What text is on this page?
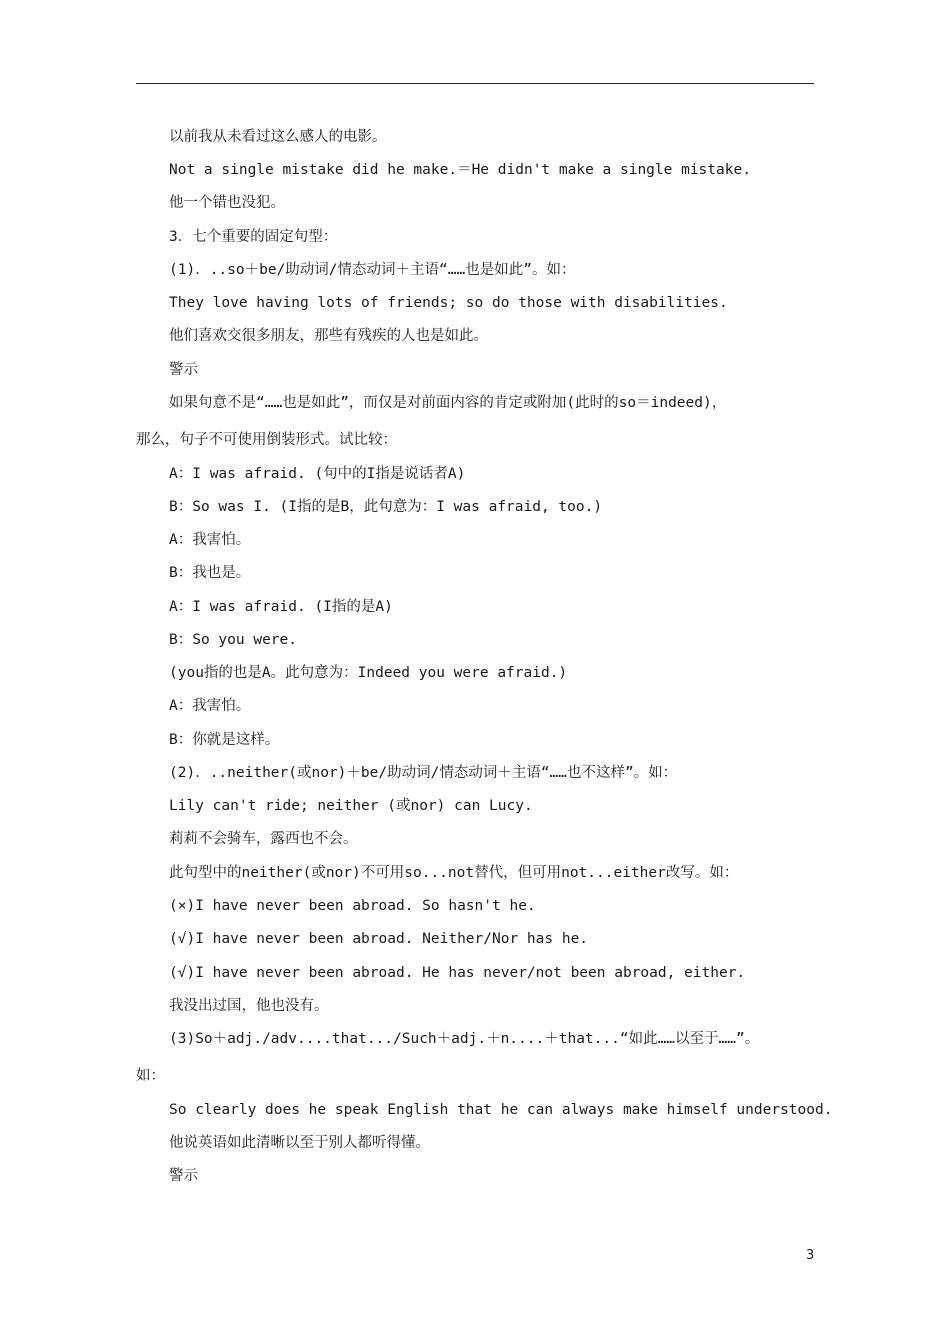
以前我从未看过这么感人的电影。
Not a single mistake did he make.＝He didn't make a single mistake.
他一个错也没犯。
3．七个重要的固定句型：
(1)．..so＋be/助动词/情态动词＋主语“……也是如此”。如：
They love having lots of friends; so do those with disabilities.
他们喜欢交很多朋友，那些有残疾的人也是如此。
警示
如果句意不是“……也是如此”，而仅是对前面内容的肯定或附加(此时的so＝indeed)，
那么，句子不可使用倒装形式。试比较：
A：I was afraid. (句中的I指是说话者A)
B：So was I. (I指的是B，此句意为：I was afraid, too.)
A：我害怕。
B：我也是。
A：I was afraid. (I指的是A)
B：So you were.
(you指的也是A。此句意为：Indeed you were afraid.)
A：我害怕。
B：你就是这样。
(2)．..neither(或nor)＋be/助动词/情态动词＋主语“……也不这样”。如：
Lily can't ride; neither (或nor) can Lucy.
莉莉不会骑车，露西也不会。
此句型中的neither(或nor)不可用so...not替代，但可用not...either改写。如：
(×)I have never been abroad. So hasn't he.
(√)I have never been abroad. Neither/Nor has he.
(√)I have never been abroad. He has never/not been abroad, either.
我没出过国，他也没有。
(3)So＋adj./adv....that.../Such＋adj.＋n....＋that...“如此……以至于……”。
如：
So clearly does he speak English that he can always make himself understood.
他说英语如此清晰以至于别人都听得懂。
警示
3
